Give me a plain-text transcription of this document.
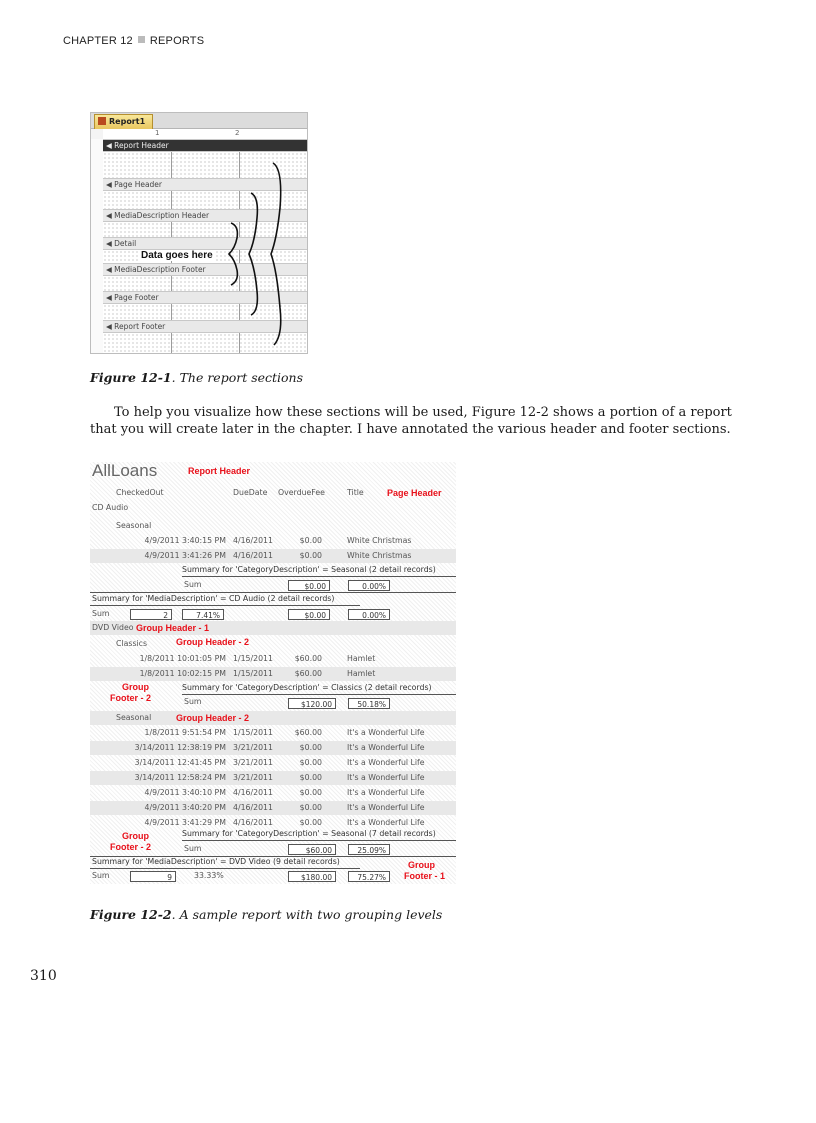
CHAPTER 12 REPORTS
Report1
1	2
◀ Report Header
◀ Page Header
◀ MediaDescription Header
◀ Detail
Data goes here
◀ MediaDescription Footer
◀ Page Footer
◀ Report Footer
Figure 12-1. The report sections
To help you visualize how these sections will be used, Figure 12-2 shows a portion of a report that you will create later in the chapter. I have annotated the various header and footer sections.
AllLoans	Report Header
CheckedOut	DueDate OverdueFee	Title	Page Header
CD Audio
Seasonal
4/9/2011 3:40:15 PM 4/16/2011	$0.00	White Christmas
4/9/2011 3:41:26 PM 4/16/2011	$0.00	White Christmas
Summary for 'CategoryDescription' = Seasonal (2 detail records)
Sum	$0.00	0.00%
Summary for 'MediaDescription' = CD Audio (2 detail records)
Sum	2	7.41%	$0.00	0.00%
DVD Video Group Header - 1
Classics	Group Header - 2
1/8/2011 10:01:05 PM 1/15/2011	$60.00	Hamlet
1/8/2011 10:02:15 PM 1/15/2011	$60.00	Hamlet
Summary for 'CategoryDescription' = Classics (2 detail records)
Group
Footer - 2	Sum	$120.00	50.18%
Seasonal	Group Header - 2
1/8/2011 9:51:54 PM 1/15/2011	$60.00	It's a Wonderful Life
3/14/2011 12:38:19 PM 3/21/2011	$0.00	It's a Wonderful Life
3/14/2011 12:41:45 PM 3/21/2011	$0.00	It's a Wonderful Life
3/14/2011 12:58:24 PM 3/21/2011	$0.00	It's a Wonderful Life
4/9/2011 3:40:10 PM 4/16/2011	$0.00	It's a Wonderful Life
4/9/2011 3:40:20 PM 4/16/2011	$0.00	It's a Wonderful Life
4/9/2011 3:41:29 PM 4/16/2011	$0.00	It's a Wonderful Life
Summary for 'CategoryDescription' = Seasonal (7 detail records)
Group
Footer - 2	Sum	$60.00	25.09%
Summary for 'MediaDescription' = DVD Video (9 detail records)
Sum	9	33.33%	$180.00	75.27%
Group
Footer - 1
Figure 12-2. A sample report with two grouping levels
310
